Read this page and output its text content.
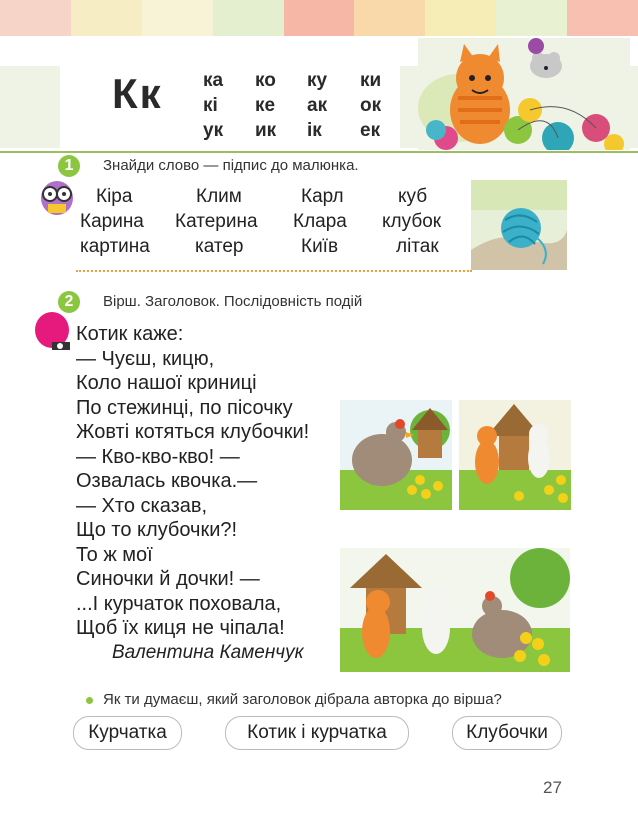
Кк ка ко ку ки
кі ке ак ок
ук ик ік ек
1	Знайди слово — підпис до малюнка.
Кіра	Клим	Карл	куб
Карина Катерина Клара клубок
картина катер	Київ	літак
2	Вірш. Заголовок. Послідовність подій
Котик каже:
— Чуєш, кицю,
Коло нашої криниці
По стежинці, по пісочку
Жовті котяться клубочки!
— Кво-кво-кво! —
Озвалась квочка.—
— Хто сказав,
Що то клубочки?!
То ж мої
Синочки й дочки! —
...І курчаток поховала,
Щоб їх киця не чіпала!
Валентина Каменчук
Як ти думаєш, який заголовок дібрала авторка до вірша?
Курчатка	Котик і курчатка	Клубочки
27
